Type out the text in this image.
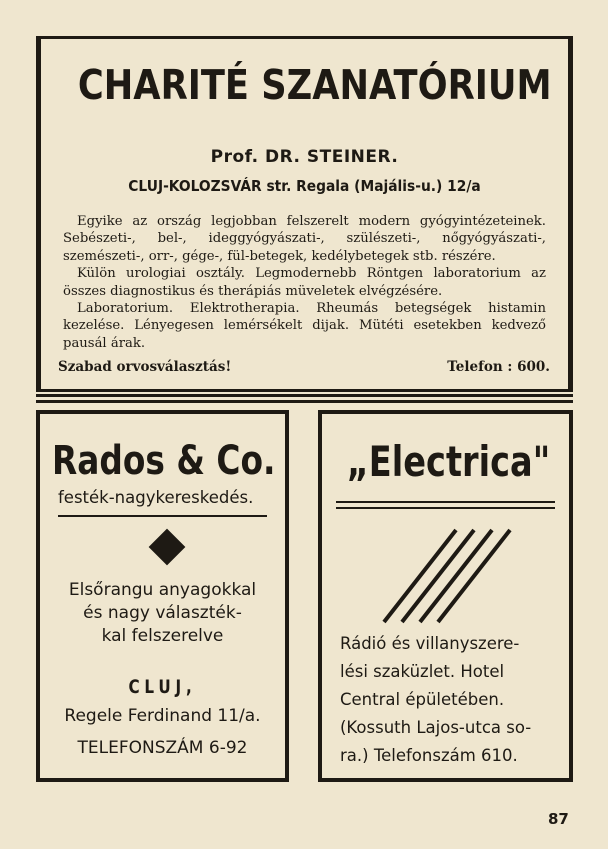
CHARITÉ SZANATÓRIUM
Prof. DR. STEINER.
CLUJ-KOLOZSVÁR str. Regala (Majális-u.) 12/a

Egyike az ország legjobban felszerelt modern gyógyintézeteinek. Sebészeti-, bel-, ideggyógyászati-, szülészeti-, nőgyógyászati-, szemészeti-, orr-, gége-, fül-betegek, kedélybetegek stb. részére.

Külön urologiai osztály. Legmodernebb Röntgen laboratorium az összes diagnostikus és therápiás müveletek elvégzésére.

Laboratorium. Elektrotherapia. Rheumás betegségek histamin kezelése. Lényegesen lemérsékelt dijak. Mütéti esetekben kedvező pausál árak.

Szabad orvosválasztás!	Telefon : 600.
Rados & Co.
festék-nagykereskedés.
Elsőrangu anyagokkal
és nagy választék-
kal felszerelve
CLUJ,
Regele Ferdinand 11/a.
TELEFONSZÁM 6-92
„Electrica"
Rádió és villanyszere-
lési szaküzlet. Hotel
Central épületében.
(Kossuth Lajos-utca so-
ra.) Telefonszám 610.
87
